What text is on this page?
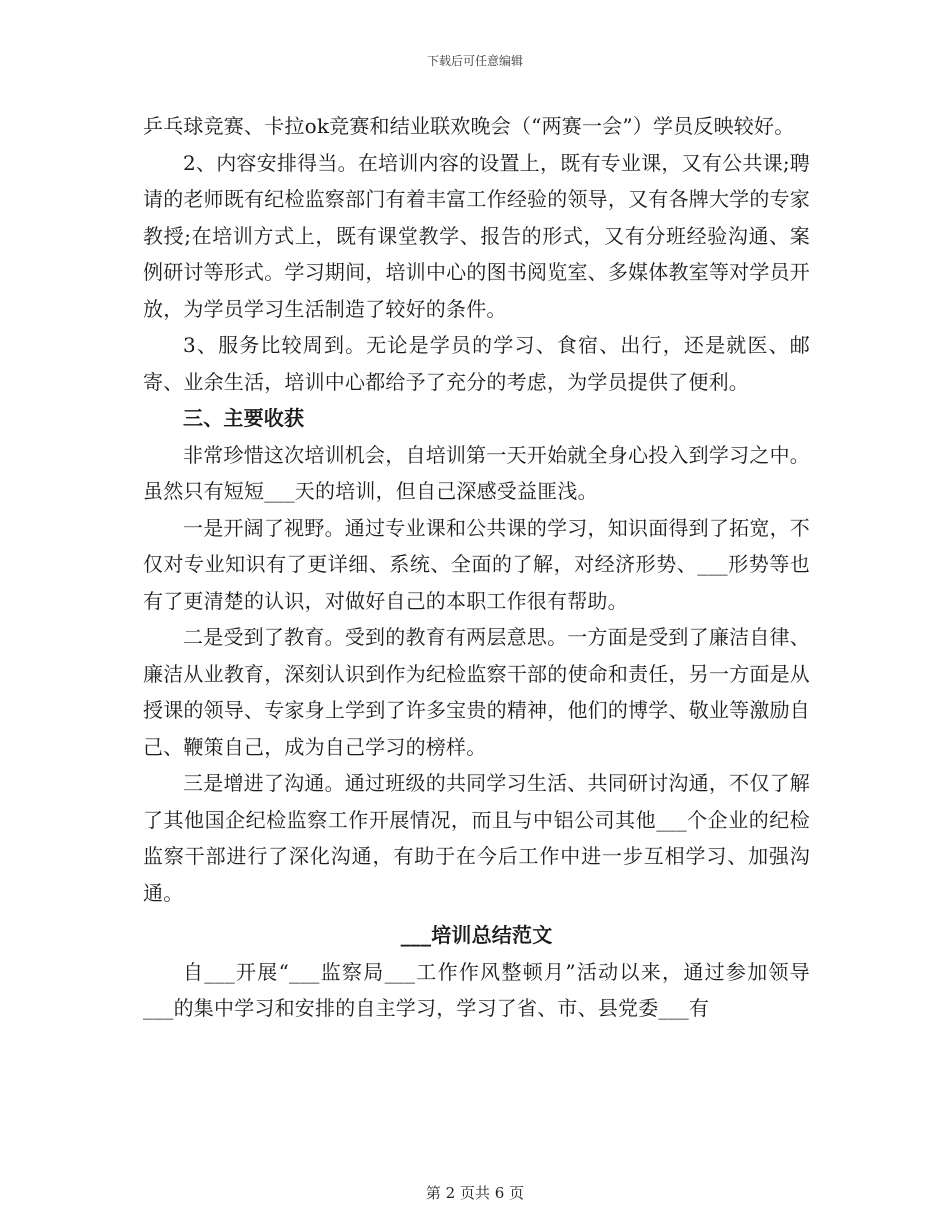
下载后可任意编辑

乒乓球竞赛、卡拉ok竞赛和结业联欢晚会（“两赛一会”）学员反映较好。

2、内容安排得当。在培训内容的设置上，既有专业课，又有公共课;聘请的老师既有纪检监察部门有着丰富工作经验的领导，又有各牌大学的专家教授;在培训方式上，既有课堂教学、报告的形式，又有分班经验沟通、案例研讨等形式。学习期间，培训中心的图书阅览室、多媒体教室等对学员开放，为学员学习生活制造了较好的条件。

3、服务比较周到。无论是学员的学习、食宿、出行，还是就医、邮寄、业余生活，培训中心都给予了充分的考虑，为学员提供了便利。

三、主要收获

非常珍惜这次培训机会，自培训第一天开始就全身心投入到学习之中。虽然只有短短___天的培训，但自己深感受益匪浅。

一是开阔了视野。通过专业课和公共课的学习，知识面得到了拓宽，不仅对专业知识有了更详细、系统、全面的了解，对经济形势、___形势等也有了更清楚的认识，对做好自己的本职工作很有帮助。

二是受到了教育。受到的教育有两层意思。一方面是受到了廉洁自律、廉洁从业教育，深刻认识到作为纪检监察干部的使命和责任，另一方面是从授课的领导、专家身上学到了许多宝贵的精神，他们的博学、敬业等激励自己、鞭策自己，成为自己学习的榜样。

三是增进了沟通。通过班级的共同学习生活、共同研讨沟通，不仅了解了其他国企纪检监察工作开展情况，而且与中铝公司其他___个企业的纪检监察干部进行了深化沟通，有助于在今后工作中进一步互相学习、加强沟通。

___培训总结范文

自___开展“___监察局___工作作风整顿月”活动以来，通过参加领导___的集中学习和安排的自主学习，学习了省、市、县党委___有

第 2 页共 6 页
